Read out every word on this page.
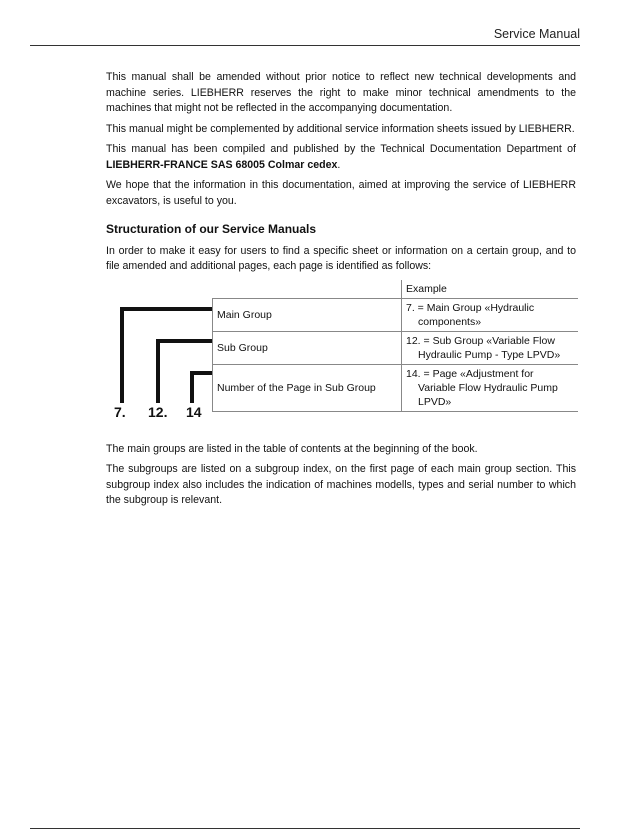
Service Manual

This manual shall be amended without prior notice to reflect new technical developments and machine series. LIEBHERR reserves the right to make minor technical amendments to the machines that might not be reflected in the accompanying documentation.

This manual might be complemented by additional service information sheets issued by LIEBHERR.

This manual has been compiled and published by the Technical Documentation Department of LIEBHERR-FRANCE SAS 68005 Colmar cedex.

We hope that the information in this documentation, aimed at improving the service of LIEBHERR excavators, is useful to you.

Structuration of our Service Manuals

In order to make it easy for users to find a specific sheet or information on a certain group, and to file amended and additional pages, each page is identified as follows:

	Example
Main Group	7. = Main Group «Hydraulic components»

Sub Group	12. = Sub Group «Variable Flow Hydraulic Pump - Type LPVD»

Number of the Page in Sub Group	14. = Page «Adjustment for Variable Flow Hydraulic Pump LPVD»
7. 12. 14

The main groups are listed in the table of contents at the beginning of the book.

The subgroups are listed on a subgroup index, on the first page of each main group section. This subgroup index also includes the indication of machines modells, types and serial number to which the subgroup is relevant.
